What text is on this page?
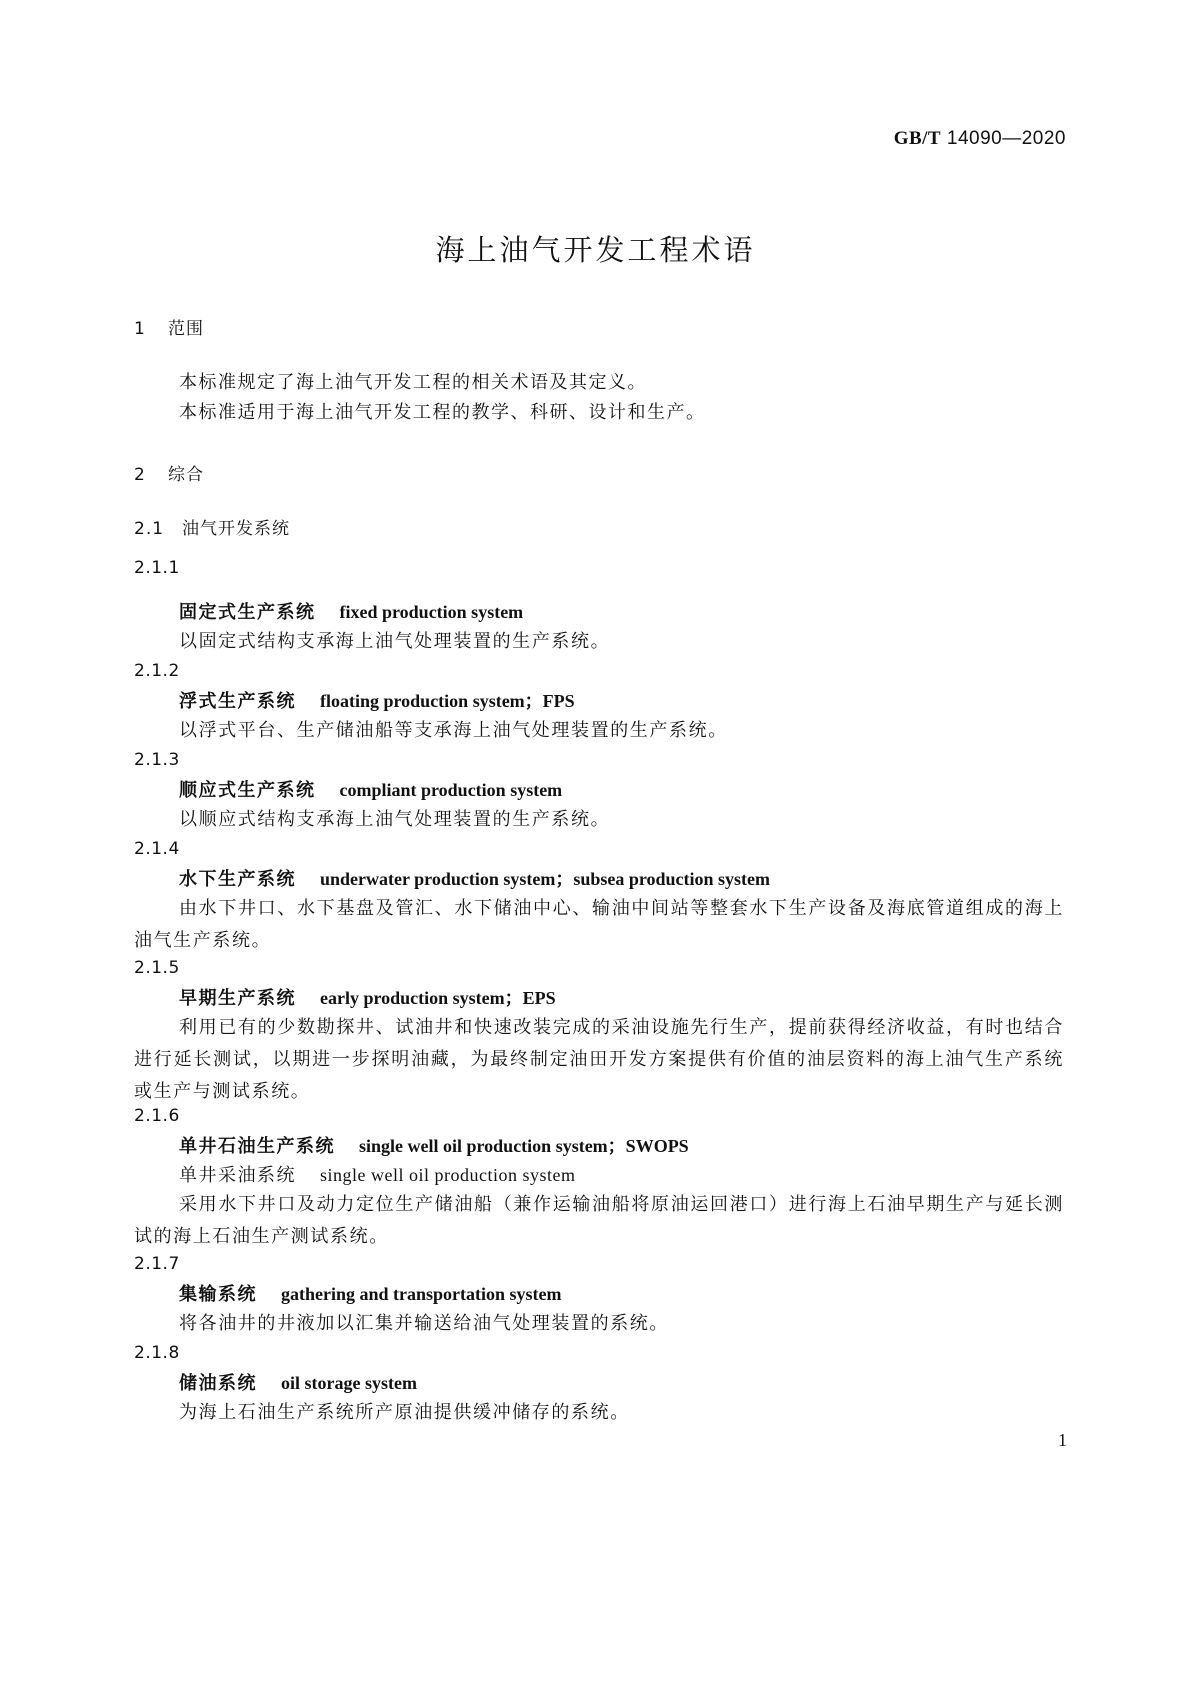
GB/T 14090—2020
海上油气开发工程术语
1 范围
本标准规定了海上油气开发工程的相关术语及其定义。
本标准适用于海上油气开发工程的教学、科研、设计和生产。
2 综合
2.1 油气开发系统
2.1.1
固定式生产系统 fixed production system
以固定式结构支承海上油气处理装置的生产系统。
2.1.2
浮式生产系统 floating production system；FPS
以浮式平台、生产储油船等支承海上油气处理装置的生产系统。
2.1.3
顺应式生产系统 compliant production system
以顺应式结构支承海上油气处理装置的生产系统。
2.1.4
水下生产系统 underwater production system；subsea production system
由水下井口、水下基盘及管汇、水下储油中心、输油中间站等整套水下生产设备及海底管道组成的海上油气生产系统。
2.1.5
早期生产系统 early production system；EPS
利用已有的少数勘探井、试油井和快速改装完成的采油设施先行生产，提前获得经济收益，有时也结合进行延长测试，以期进一步探明油藏，为最终制定油田开发方案提供有价值的油层资料的海上油气生产系统或生产与测试系统。
2.1.6
单井石油生产系统 single well oil production system；SWOPS
单井采油系统 single well oil production system
采用水下井口及动力定位生产储油船（兼作运输油船将原油运回港口）进行海上石油早期生产与延长测试的海上石油生产测试系统。
2.1.7
集输系统 gathering and transportation system
将各油井的井液加以汇集并输送给油气处理装置的系统。
2.1.8
储油系统 oil storage system
为海上石油生产系统所产原油提供缓冲储存的系统。
1
